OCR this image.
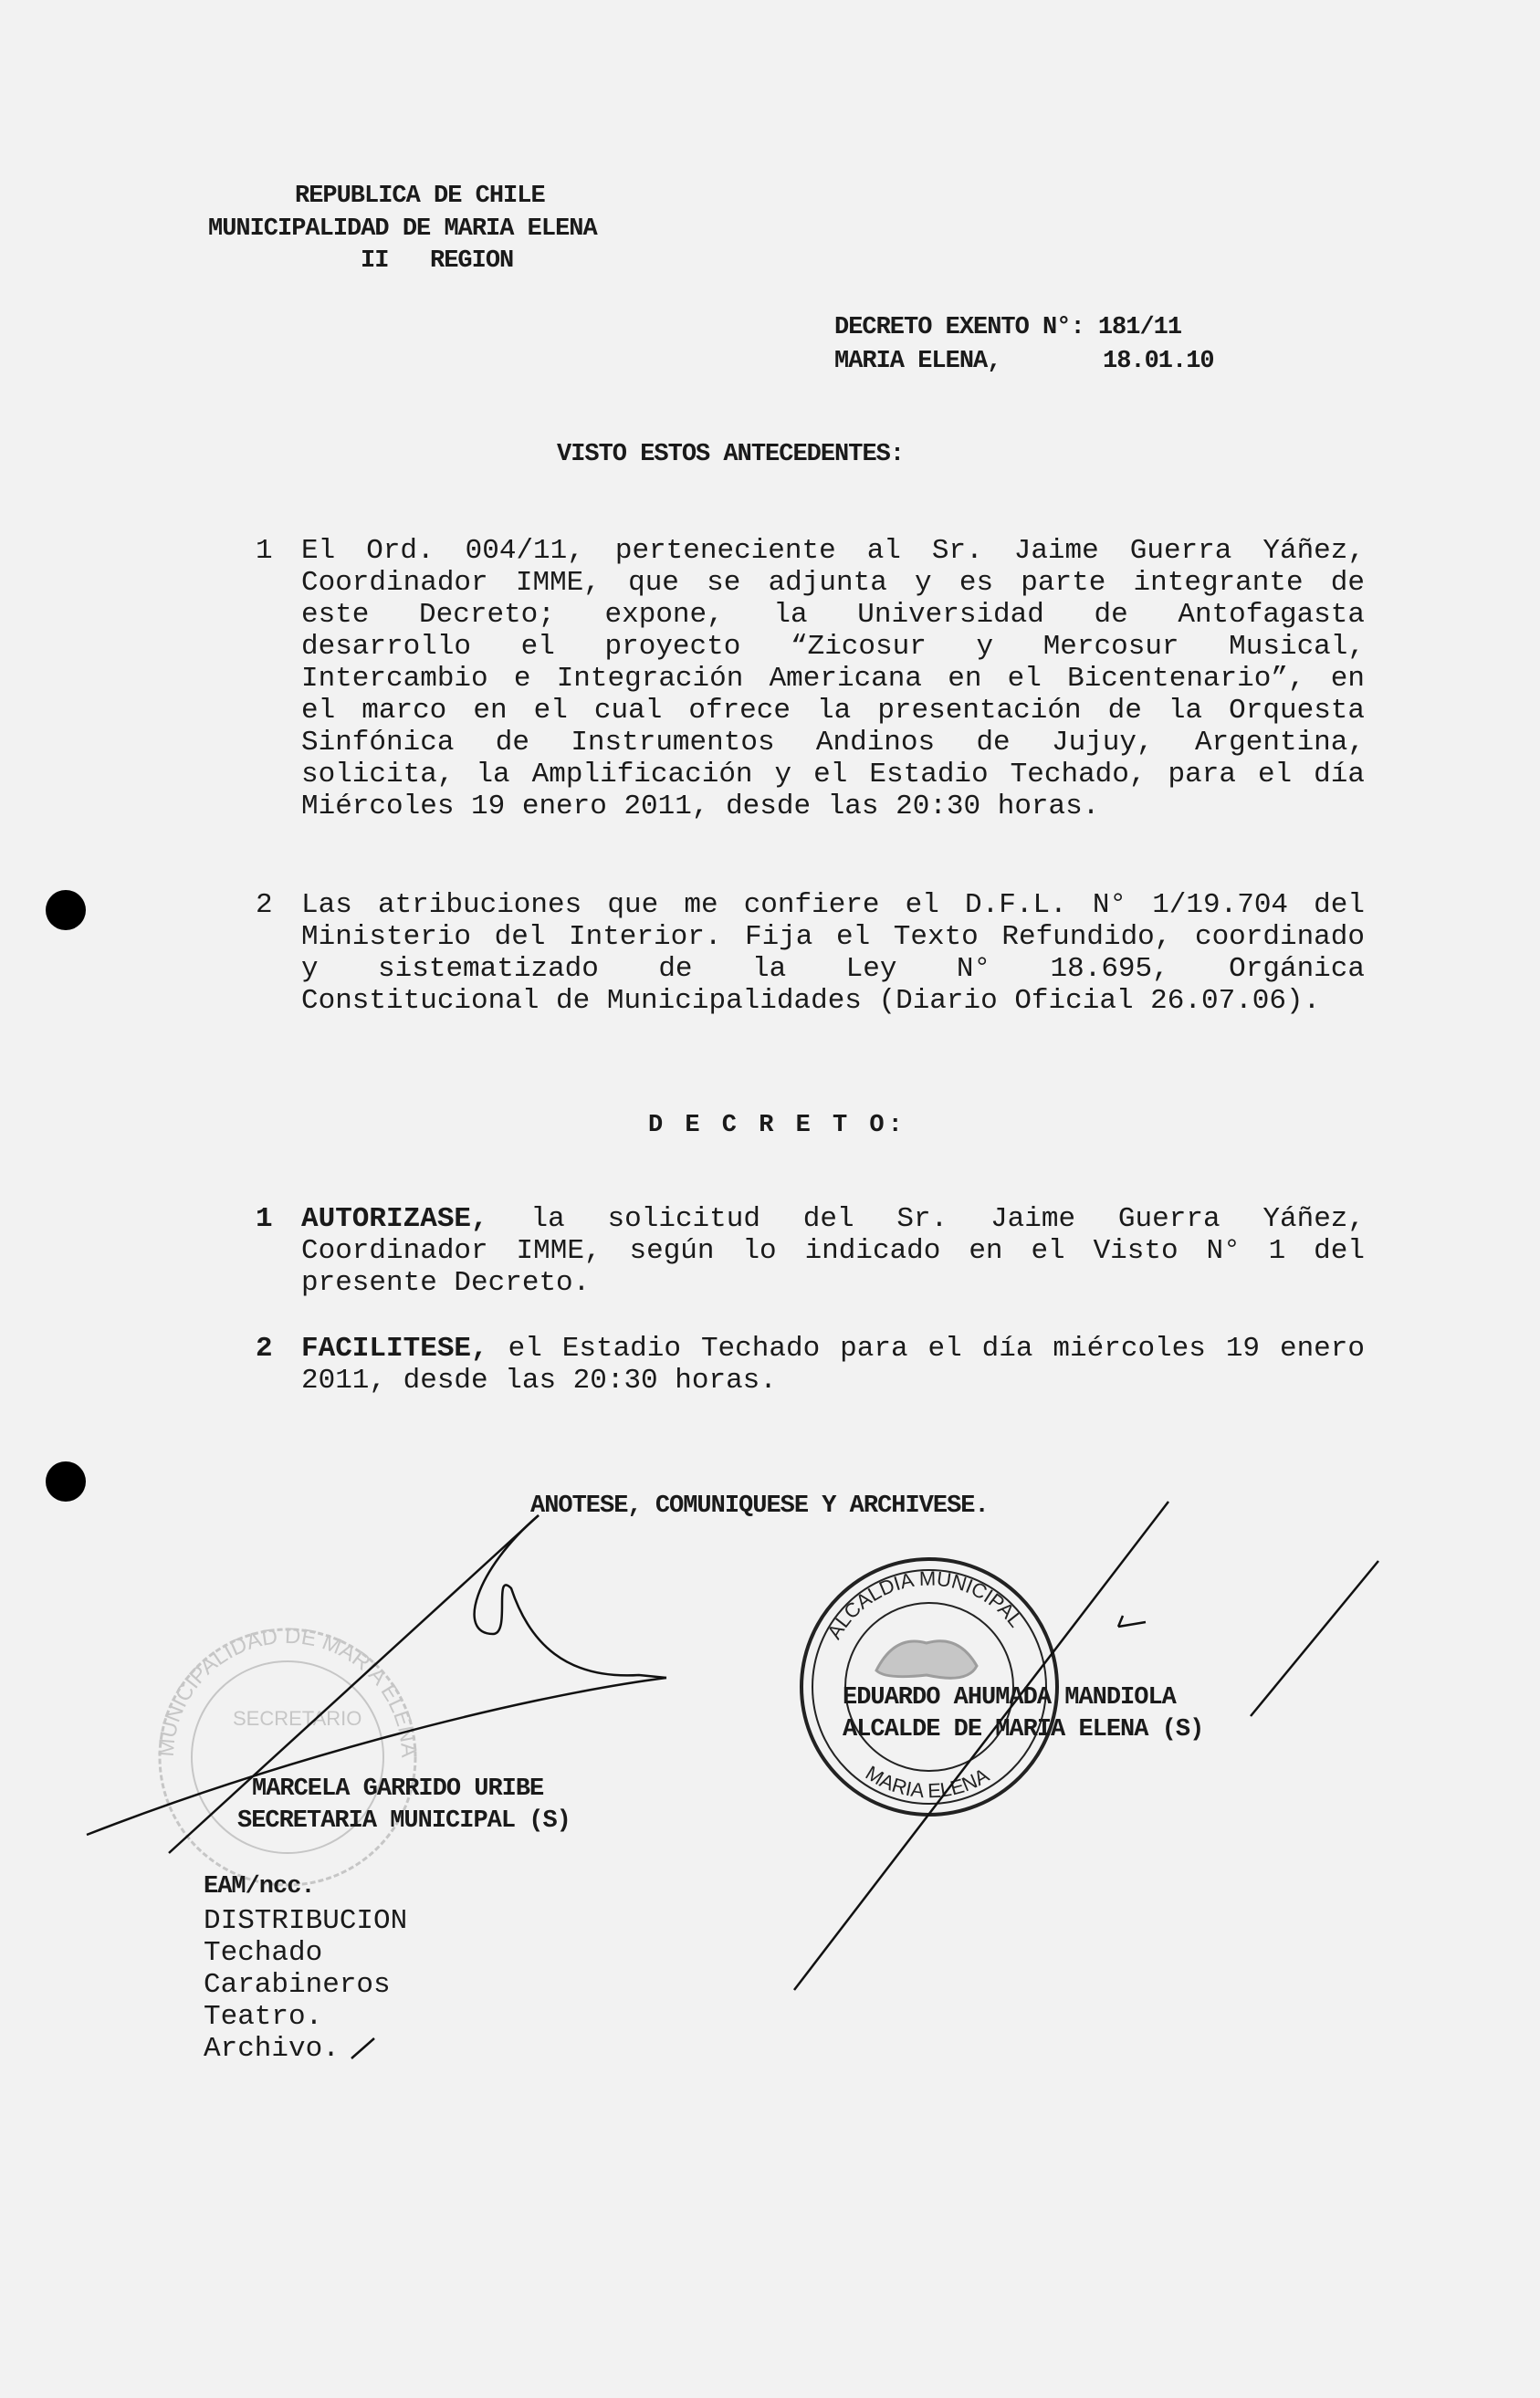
REPUBLICA DE CHILE
MUNICIPALIDAD DE MARIA ELENA
II   REGION
DECRETO EXENTO N°: 181/11
MARIA ELENA,	18.01.10
VISTO ESTOS ANTECEDENTES:
1 El Ord. 004/11, perteneciente al Sr. Jaime Guerra Yáñez,
Coordinador IMME, que se adjunta y es parte integrante de
este Decreto; expone, la Universidad de Antofagasta
desarrollo el proyecto “Zicosur y Mercosur Musical,
Intercambio e Integración Americana en el Bicentenario”, en
el marco en el cual ofrece la presentación de la Orquesta
Sinfónica de Instrumentos Andinos de Jujuy, Argentina,
solicita, la Amplificación y el Estadio Techado, para el día
Miércoles 19 enero 2011, desde las 20:30 horas.
2 Las atribuciones que me confiere el D.F.L. N° 1/19.704 del
Ministerio del Interior. Fija el Texto Refundido, coordinado
y sistematizado de la Ley N° 18.695, Orgánica
Constitucional de Municipalidades (Diario Oficial 26.07.06).
D E C R E T O:
1 AUTORIZASE, la solicitud del Sr. Jaime Guerra Yáñez,
Coordinador IMME, según lo indicado en el Visto N° 1 del
presente Decreto.
2 FACILITESE, el Estadio Techado para el día miércoles 19 enero
2011, desde las 20:30 horas.
ANOTESE, COMUNIQUESE Y ARCHIVESE.
MUNICIPALIDAD DE MARIA ELENA
SECRETARIO
ALCALDIA MUNICIPAL
MARIA ELENA
MARCELA GARRIDO URIBE
SECRETARIA MUNICIPAL (S)
EDUARDO AHUMADA MANDIOLA
ALCALDE DE MARIA ELENA (S)
EAM/ncc.
DISTRIBUCION
Techado
Carabineros
Teatro.
Archivo.
